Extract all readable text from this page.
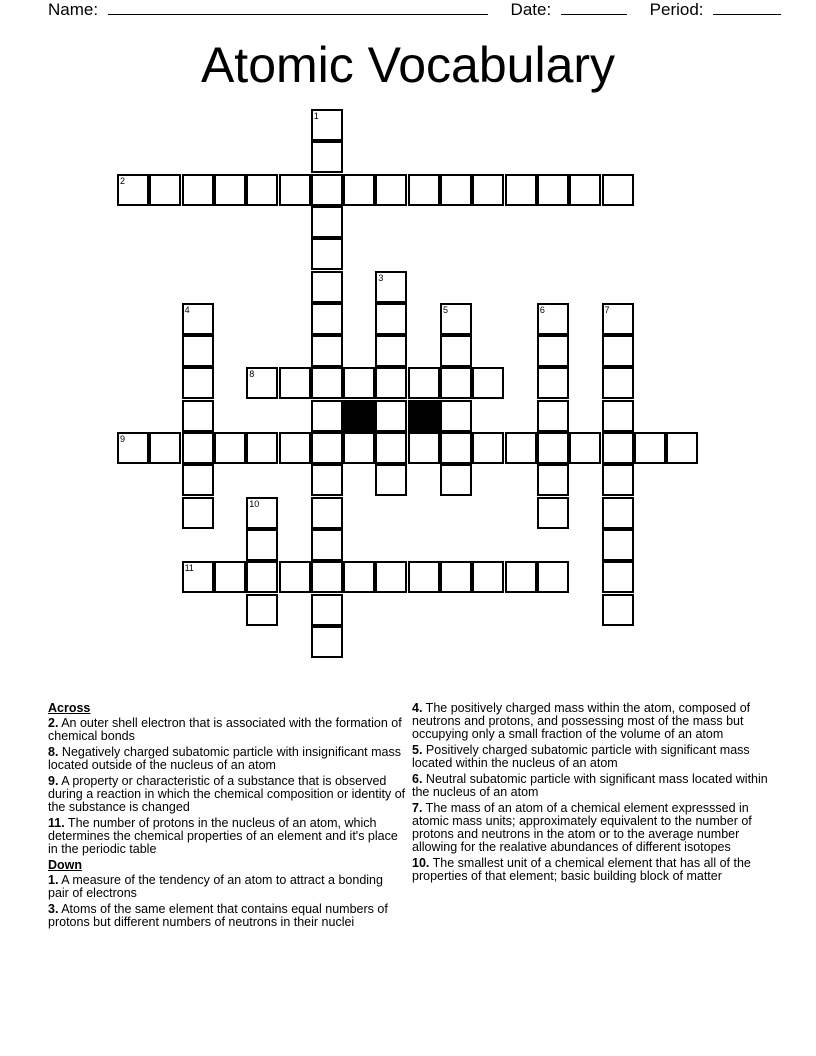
Name:	Date:	Period:
Atomic Vocabulary
1
2
3
4	5	6	7
8
9
10
11
Across
2. An outer shell electron that is associated with the formation of chemical bonds
8. Negatively charged subatomic particle with insignificant mass located outside of the nucleus of an atom
9. A property or characteristic of a substance that is observed during a reaction in which the chemical composition or identity of the substance is changed
11. The number of protons in the nucleus of an atom, which determines the chemical properties of an element and it's place in the periodic table
Down
1. A measure of the tendency of an atom to attract a bonding pair of electrons
3. Atoms of the same element that contains equal numbers of protons but different numbers of neutrons in their nuclei
4. The positively charged mass within the atom, composed of neutrons and protons, and possessing most of the mass but occupying only a small fraction of the volume of an atom
5. Positively charged subatomic particle with significant mass located within the nucleus of an atom
6. Neutral subatomic particle with significant mass located within the nucleus of an atom
7. The mass of an atom of a chemical element expresssed in atomic mass units; approximately equivalent to the number of protons and neutrons in the atom or to the average number allowing for the realative abundances of different isotopes
10. The smallest unit of a chemical element that has all of the properties of that element; basic building block of matter
